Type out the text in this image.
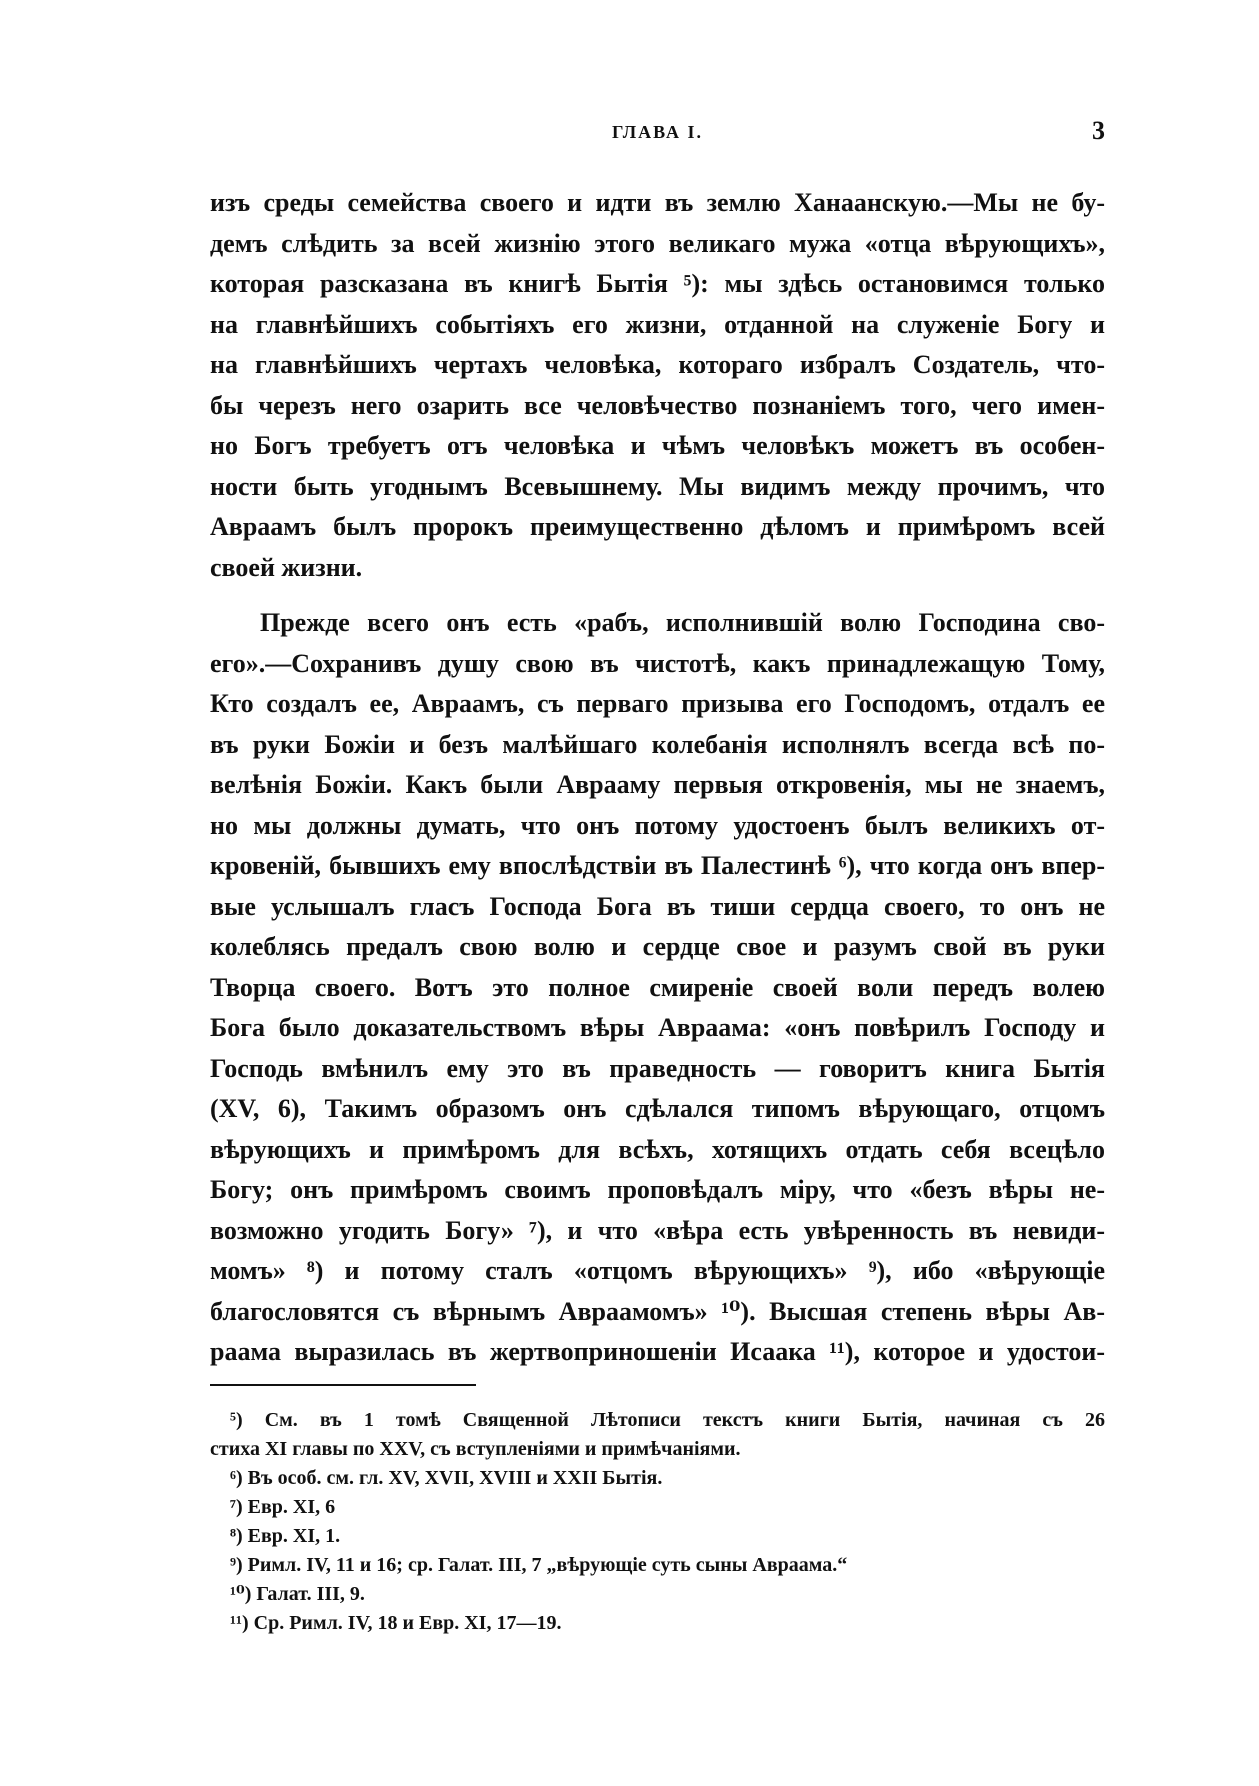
ГЛАВА I.	3
изъ среды семейства своего и идти въ землю Ханаанскую.—Мы не бу-
демъ слѣдить за всей жизнію этого великаго мужа «отца вѣрующихъ»,
которая разсказана въ книгѣ Бытія ⁵): мы здѣсь остановимся только
на главнѣйшихъ событіяхъ его жизни, отданной на служеніе Богу и
на главнѣйшихъ чертахъ человѣка, котораго избралъ Создатель, что-
бы черезъ него озарить все человѣчество познаніемъ того, чего имен-
но Богъ требуетъ отъ человѣка и чѣмъ человѣкъ можетъ въ особен-
ности быть угоднымъ Всевышнему. Мы видимъ между прочимъ, что
Авраамъ былъ пророкъ преимущественно дѣломъ и примѣромъ всей
своей жизни.
Прежде всего онъ есть «рабъ, исполнившій волю Господина сво-
его».—Сохранивъ душу свою въ чистотѣ, какъ принадлежащую Тому,
Кто создалъ ее, Авраамъ, съ перваго призыва его Господомъ, отдалъ ее
въ руки Божіи и безъ малѣйшаго колебанія исполнялъ всегда всѣ по-
велѣнія Божіи. Какъ были Аврааму первыя откровенія, мы не знаемъ,
но мы должны думать, что онъ потому удостоенъ былъ великихъ от-
кровеній, бывшихъ ему впослѣдствіи въ Палестинѣ ⁶), что когда онъ впер-
вые услышалъ гласъ Господа Бога въ тиши сердца своего, то онъ не
колеблясь предалъ свою волю и сердце свое и разумъ свой въ руки
Творца своего. Вотъ это полное смиреніе своей воли передъ волею
Бога было доказательствомъ вѣры Авраама: «онъ повѣрилъ Господу и
Господь вмѣнилъ ему это въ праведность — говоритъ книга Бытія
(XV, 6), Такимъ образомъ онъ сдѣлался типомъ вѣрующаго, отцомъ
вѣрующихъ и примѣромъ для всѣхъ, хотящихъ отдать себя всецѣло
Богу; онъ примѣромъ своимъ проповѣдалъ міру, что «безъ вѣры не-
возможно угодить Богу» ⁷), и что «вѣра есть увѣренность въ невиди-
момъ» ⁸) и потому сталъ «отцомъ вѣрующихъ» ⁹), ибо «вѣрующіе
благословятся съ вѣрнымъ Авраамомъ» ¹⁰). Высшая степень вѣры Ав-
раама выразилась въ жертвоприношеніи Исаака ¹¹), которое и удостои-
⁵) См. въ 1 томѣ Священной Лѣтописи текстъ книги Бытія, начиная съ 26
стиха XI главы по XXV, съ вступленіями и примѣчаніями.
⁶) Въ особ. см. гл. XV, XVII, XVIII и XXII Бытія.
⁷) Евр. XI, 6
⁸) Евр. XI, 1.
⁹) Римл. IV, 11 и 16; ср. Галат. III, 7 „вѣрующіе суть сыны Авраама.“
¹⁰) Галат. III, 9.
¹¹) Ср. Римл. IV, 18 и Евр. XI, 17—19.
